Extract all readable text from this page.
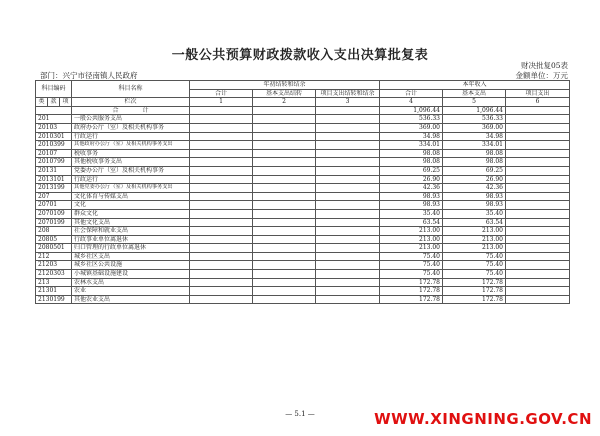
一般公共预算财政拨款收入支出决算批复表
财决批复05表
部门：兴宁市径南镇人民政府	金额单位：万元
科目编码			科目名称	年初结转和结余			本年收入		
				合计	基本支出结转	项目支出结转和结余	合计	基本支出	项目支出
类	款	项	栏次	1	2	3	4	5	6
			合　　　　计				1,096.44	1,096.44	
201			一般公共服务支出				536.33	536.33	
20103			政府办公厅（室）及相关机构事务				369.00	369.00	
2010301			行政运行				34.98	34.98	
2010399			其他政府办公厅（室）及相关机构事务支出				334.01	334.01	
20107			税收事务				98.08	98.08	
2010799			其他税收事务支出				98.08	98.08	
20131			党委办公厅（室）及相关机构事务				69.25	69.25	
2013101			行政运行				26.90	26.90	
2013199			其他党委办公厅（室）及相关机构事务支出				42.36	42.36	
207			文化体育与传媒支出				98.93	98.93	
20701			文化				98.93	98.93	
2070109			群众文化				35.40	35.40	
2070199			其他文化支出				63.54	63.54	
208			社会保障和就业支出				213.00	213.00	
20805			行政事业单位离退休				213.00	213.00	
2080501			归口管理的行政单位离退休				213.00	213.00	
212			城乡社区支出				75.40	75.40	
21203			城乡社区公共设施				75.40	75.40	
2120303			小城镇基础设施建设				75.40	75.40	
213			农林水支出				172.78	172.78	
21301			农业				172.78	172.78	
2130199			其他农业支出				172.78	172.78	
— 5.1 —	WWW.XINGNING.GOV.CN
